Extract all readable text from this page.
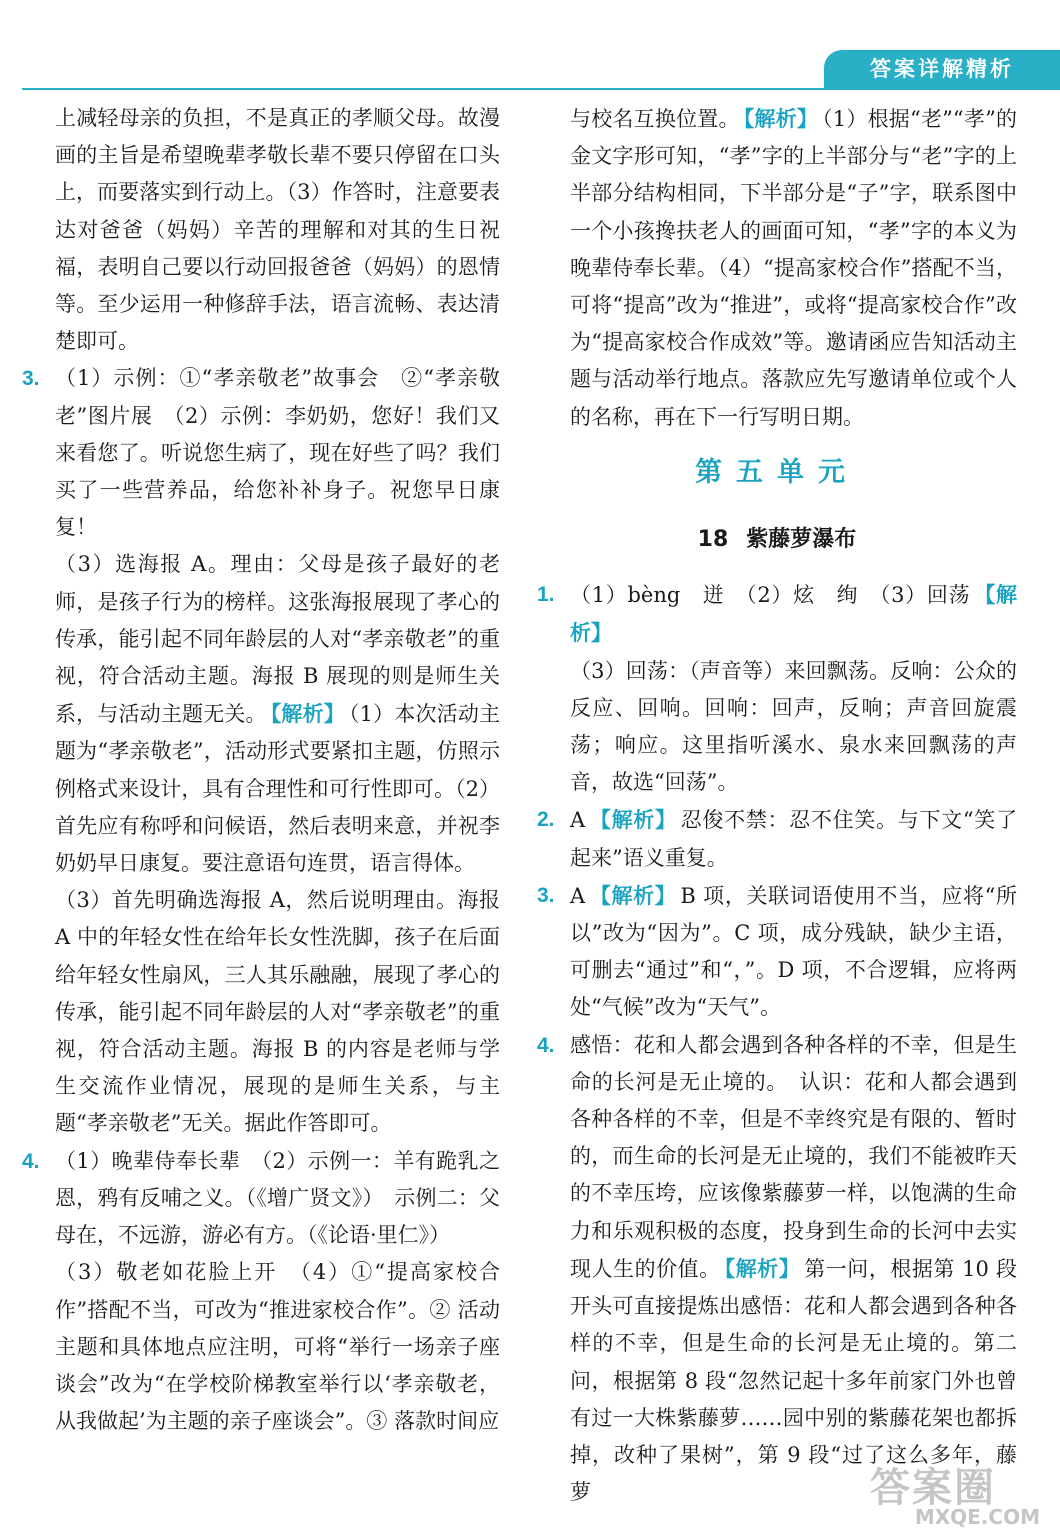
答案详解精析

上减轻母亲的负担，不是真正的孝顺父母。故漫画的主旨是希望晚辈孝敬长辈不要只停留在口头上，而要落实到行动上。（3）作答时，注意要表达对爸爸（妈妈）辛苦的理解和对其的生日祝福，表明自己要以行动回报爸爸（妈妈）的恩情等。至少运用一种修辞手法，语言流畅、表达清楚即可。

3. （1）示例：①“孝亲敬老”故事会　②“孝亲敬老”图片展　（2）示例：李奶奶，您好！我们又来看您了。听说您生病了，现在好些了吗？我们买了一些营养品，给您补补身子。祝您早日康复！
（3）选海报 A。理由：父母是孩子最好的老师，是孩子行为的榜样。这张海报展现了孝心的传承，能引起不同年龄层的人对“孝亲敬老”的重视，符合活动主题。海报 B 展现的则是师生关系，与活动主题无关。 【解析】 （1）本次活动主题为“孝亲敬老”，活动形式要紧扣主题，仿照示例格式来设计，具有合理性和可行性即可。（2）首先应有称呼和问候语，然后表明来意，并祝李奶奶早日康复。要注意语句连贯，语言得体。
（3）首先明确选海报 A，然后说明理由。海报 A 中的年轻女性在给年长女性洗脚，孩子在后面给年轻女性扇风，三人其乐融融，展现了孝心的传承，能引起不同年龄层的人对“孝亲敬老”的重视，符合活动主题。海报 B 的内容是老师与学生交流作业情况，展现的是师生关系，与主题“孝亲敬老”无关。据此作答即可。
4. （1）晚辈侍奉长辈　（2）示例一：羊有跪乳之恩，鸦有反哺之义。（《增广贤文》）　示例二：父母在，不远游，游必有方。（《论语·里仁》）
（3）敬老如花脸上开　（4）①“提高家校合作”搭配不当，可改为“推进家校合作”。② 活动主题和具体地点应注明，可将“举行一场亲子座谈会”改为“在学校阶梯教室举行以‘孝亲敬老，从我做起’为主题的亲子座谈会”。③ 落款时间应

与校名互换位置。 【解析】 （1）根据“老”“孝”的金文字形可知，“孝”字的上半部分与“老”字的上半部分结构相同，下半部分是“子”字，联系图中一个小孩搀扶老人的画面可知，“孝”字的本义为晚辈侍奉长辈。（4）“提高家校合作”搭配不当，可将“提高”改为“推进”，或将“提高家校合作”改为“提高家校合作成效”等。邀请函应告知活动主题与活动举行地点。落款应先写邀请单位或个人的名称，再在下一行写明日期。

第五单元
18 紫藤萝瀑布
1. （1）bèng　迸　（2）炫　绚　（3）回荡 【解析】
（3）回荡：（声音等）来回飘荡。反响：公众的反应、回响。回响：回声，反响；声音回旋震荡；响应。这里指听溪水、泉水来回飘荡的声音，故选“回荡”。
2. A 【解析】 忍俊不禁：忍不住笑。与下文“笑了起来”语义重复。
3. A 【解析】 B 项，关联词语使用不当，应将“所以”改为“因为”。C 项，成分残缺，缺少主语，可删去“通过”和“，”。D 项，不合逻辑，应将两处“气候”改为“天气”。
4. 感悟：花和人都会遇到各种各样的不幸，但是生命的长河是无止境的。　认识：花和人都会遇到各种各样的不幸，但是不幸终究是有限的、暂时的，而生命的长河是无止境的，我们不能被昨天的不幸压垮，应该像紫藤萝一样，以饱满的生命力和乐观积极的态度，投身到生命的长河中去实现人生的价值。 【解析】 第一问，根据第 10 段开头可直接提炼出感悟：花和人都会遇到各种各样的不幸，但是生命的长河是无止境的。第二问，根据第 8 段“忽然记起十多年前家门外也曾有过一大株紫藤萝……园中别的紫藤花架也都拆掉，改种了果树”，第 9 段“过了这么多年，藤萝	答案圈
MXQE.COM
